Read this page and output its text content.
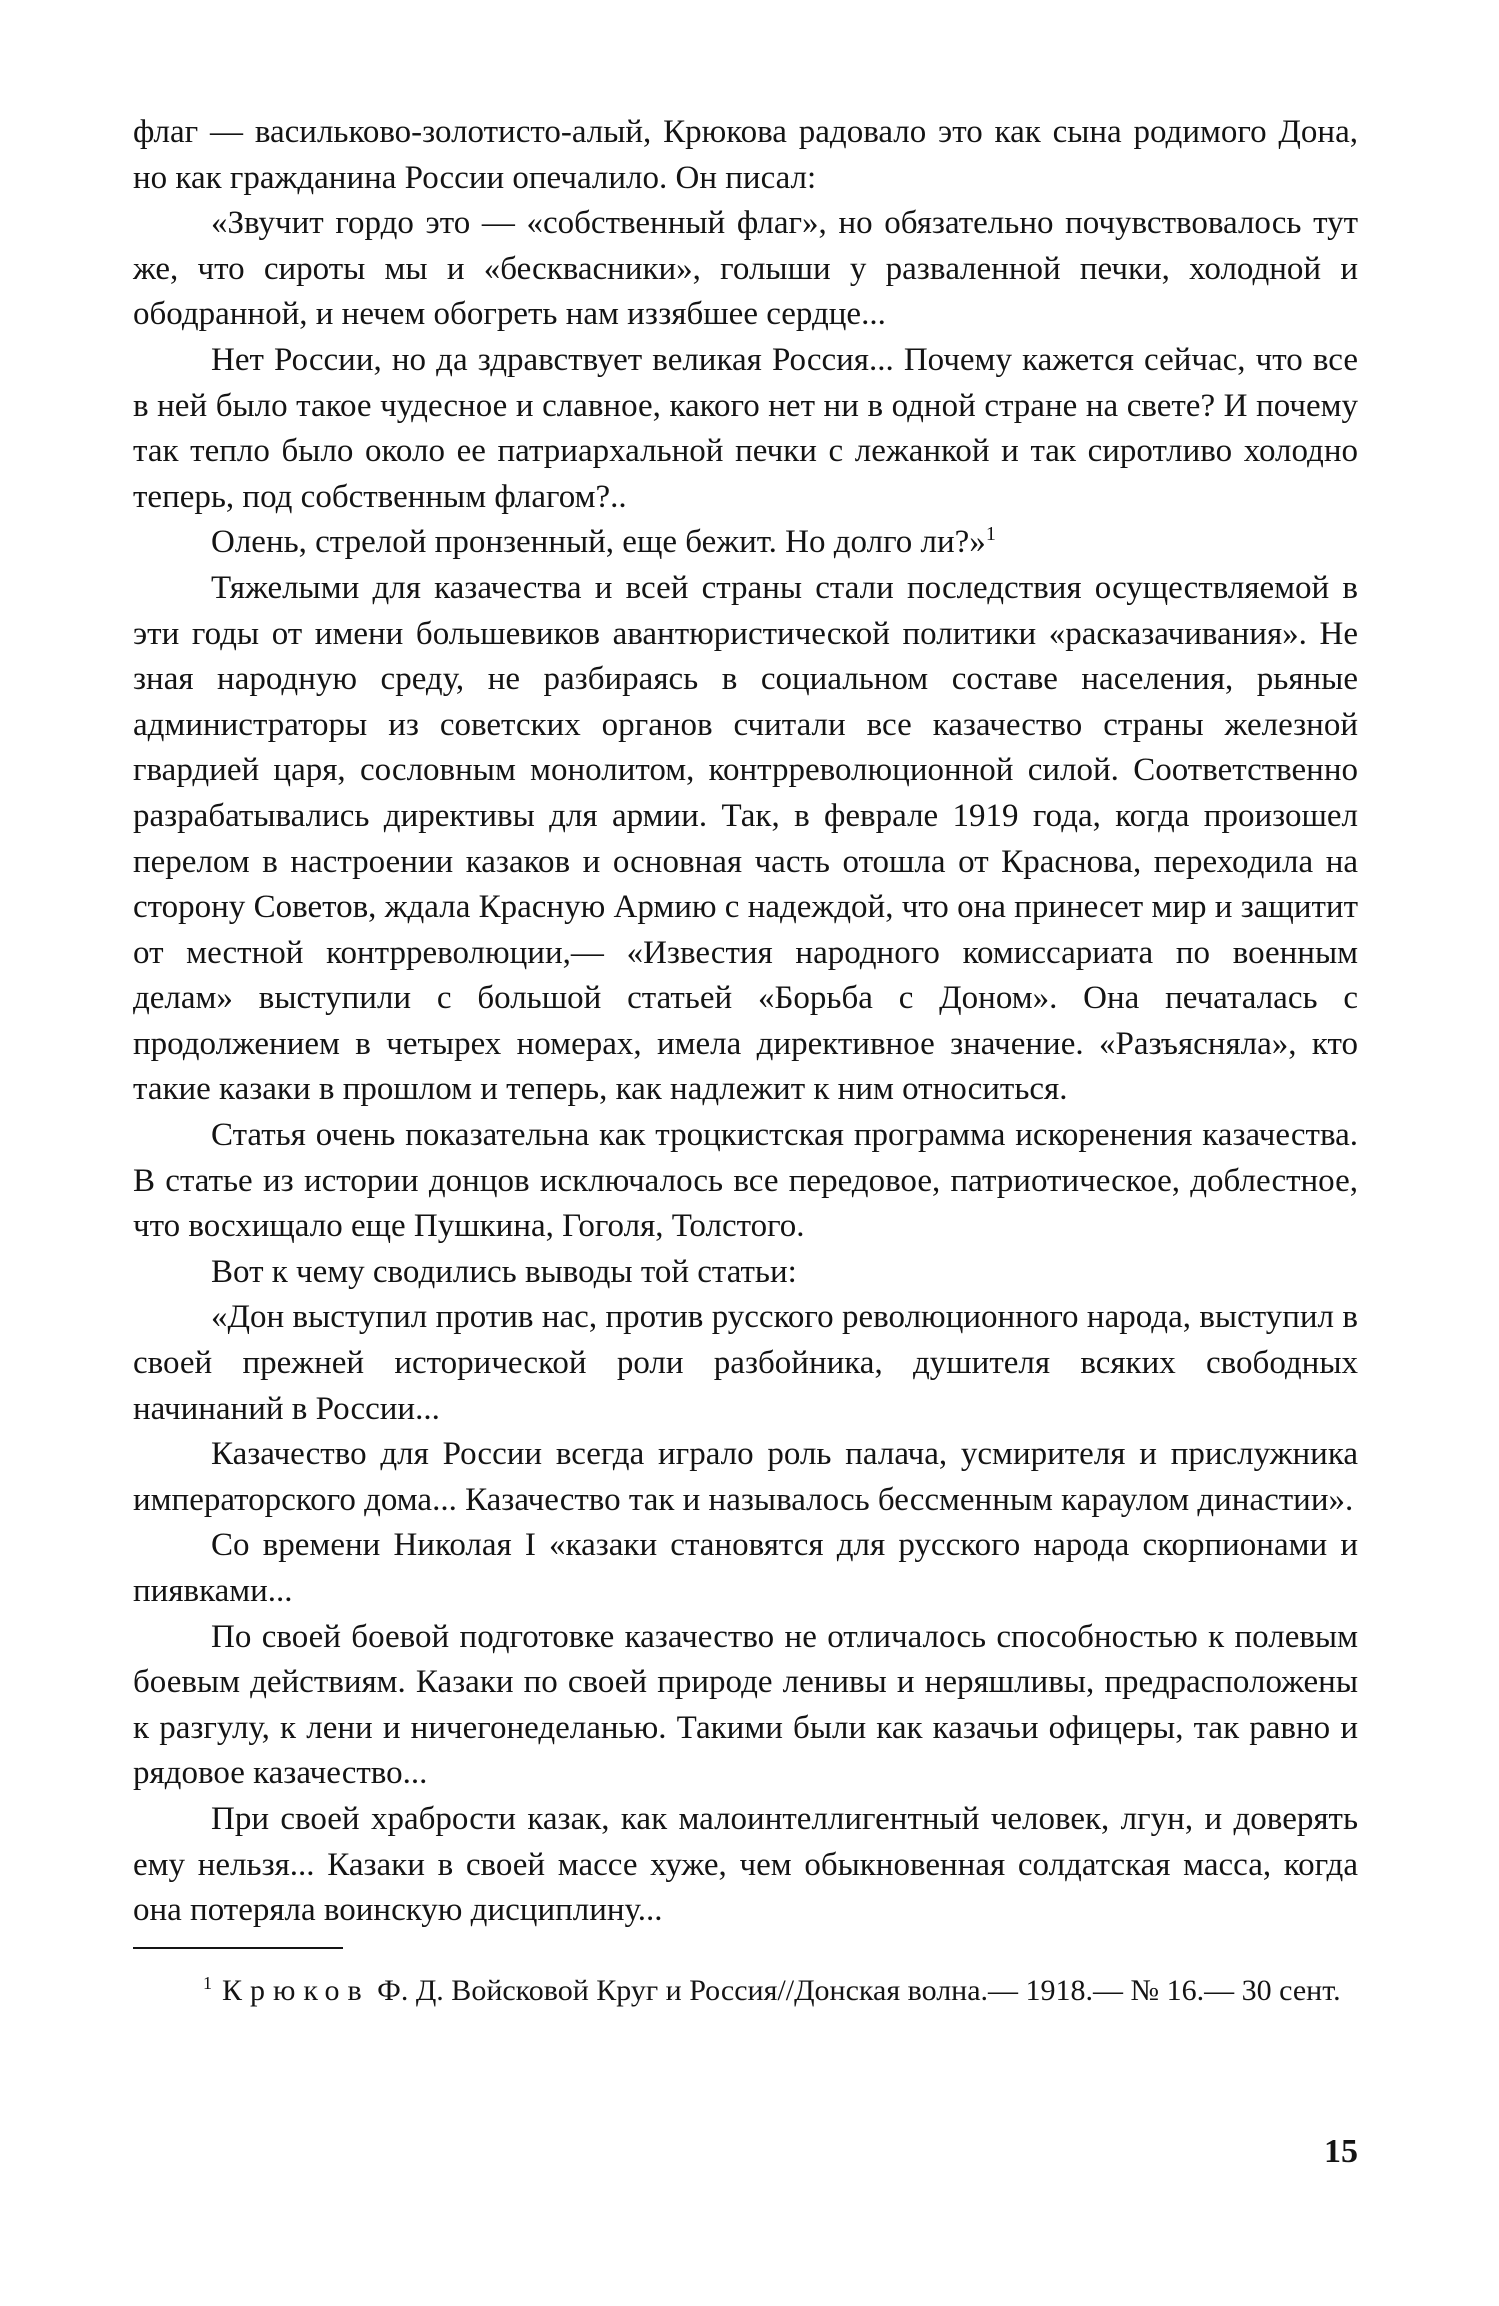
флаг — васильково-золотисто-алый, Крюкова радовало это как сына родимого Дона, но как гражданина России опечалило. Он писал:

«Звучит гордо это — «собственный флаг», но обязательно почувствовалось тут же, что сироты мы и «бесквасники», голыши у развaленной печки, холодной и ободранной, и нечем обогреть нам иззябшее сердце...

Нет России, но да здравствует великая Россия... Почему кажется сейчас, что все в ней было такое чудесное и славное, какого нет ни в одной стране на свете? И почему так тепло было около ее патриархальной печки с лежанкой и так сиротливо холодно теперь, под собственным флагом?..

Олень, стрелой пронзенный, еще бежит. Но долго ли?»$^1$

Тяжелыми для казачества и всей страны стали последствия осуществляемой в эти годы от имени большевиков авантюристической политики «расказачивания». Не зная народную среду, не разбираясь в социальном составе населения, рьяные администраторы из советских органов считали все казачество страны железной гвардией царя, сословным монолитом, контрреволюционной силой. Соответственно разрабатывались директивы для армии. Так, в феврале 1919 года, когда произошел перелом в настроении казаков и основная часть отошла от Краснова, переходила на сторону Советов, ждала Красную Армию с надеждой, что она принесет мир и защитит от местной контрреволюции,— «Известия народного комиссариата по военным делам» выступили с большой статьей «Борьба с Доном». Она печаталась с продолжением в четырех номерах, имела директивное значение. «Разъясняла», кто такие казаки в прошлом и теперь, как надлежит к ним относиться.

Статья очень показательна как троцкистская программа искоренения казачества. В статье из истории донцов исключалось все передовое, патриотическое, доблестное, что восхищало еще Пушкина, Гоголя, Толстого.

Вот к чему сводились выводы той статьи:

«Дон выступил против нас, против русского революционного народа, выступил в своей прежней исторической роли разбойника, душителя всяких свободных начинаний в России...

Казачество для России всегда играло роль палача, усмирителя и прислужника императорского дома... Казачество так и называлось бессменным караулом династии».

Со времени Николая I «казаки становятся для русского народа скорпионами и пиявками...

По своей боевой подготовке казачество не отличалось способностью к полевым боевым действиям. Казаки по своей природе ленивы и неряшливы, предрасположены к разгулу, к лени и ничегонеделанью. Такими были как казачьи офицеры, так равно и рядовое казачество...

При своей храбрости казак, как малоинтеллигентный человек, лгун, и доверять ему нельзя... Казаки в своей массе хуже, чем обыкновенная солдатская масса, когда она потеряла воинскую дисциплину...

$^1$ Крюков Ф. Д. Войсковой Круг и Россия//Донская волна.— 1918.— № 16.— 30 сент.

15
